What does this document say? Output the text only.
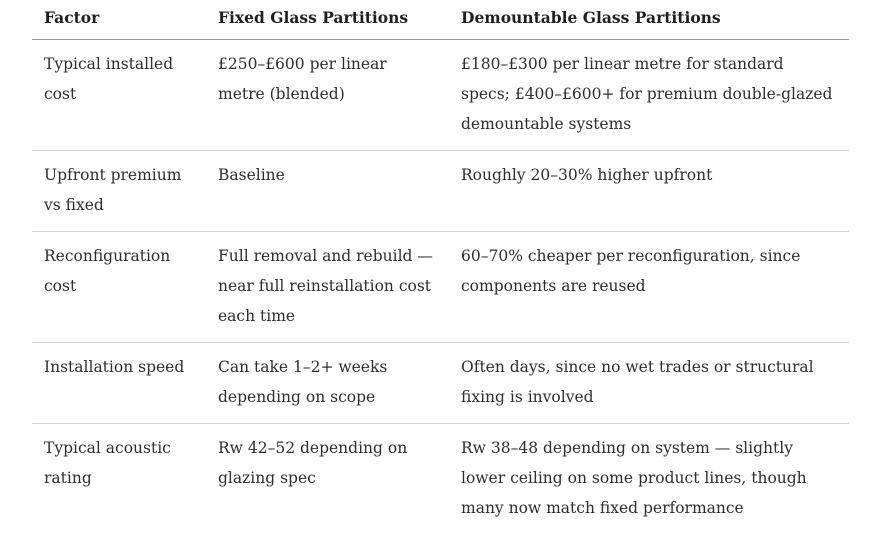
Factor	Fixed Glass Partitions	Demountable Glass Partitions
Typical installed cost	£250–£600 per linear metre (blended)	£180–£300 per linear metre for standard specs; £400–£600+ for premium double-glazed demountable systems
Upfront premium vs fixed	Baseline	Roughly 20–30% higher upfront
Reconfiguration cost	Full removal and rebuild — near full reinstallation cost each time	60–70% cheaper per reconfiguration, since components are reused
Installation speed	Can take 1–2+ weeks depending on scope	Often days, since no wet trades or structural fixing is involved
Typical acoustic rating	Rw 42–52 depending on glazing spec	Rw 38–48 depending on system — slightly lower ceiling on some product lines, though many now match fixed performance
